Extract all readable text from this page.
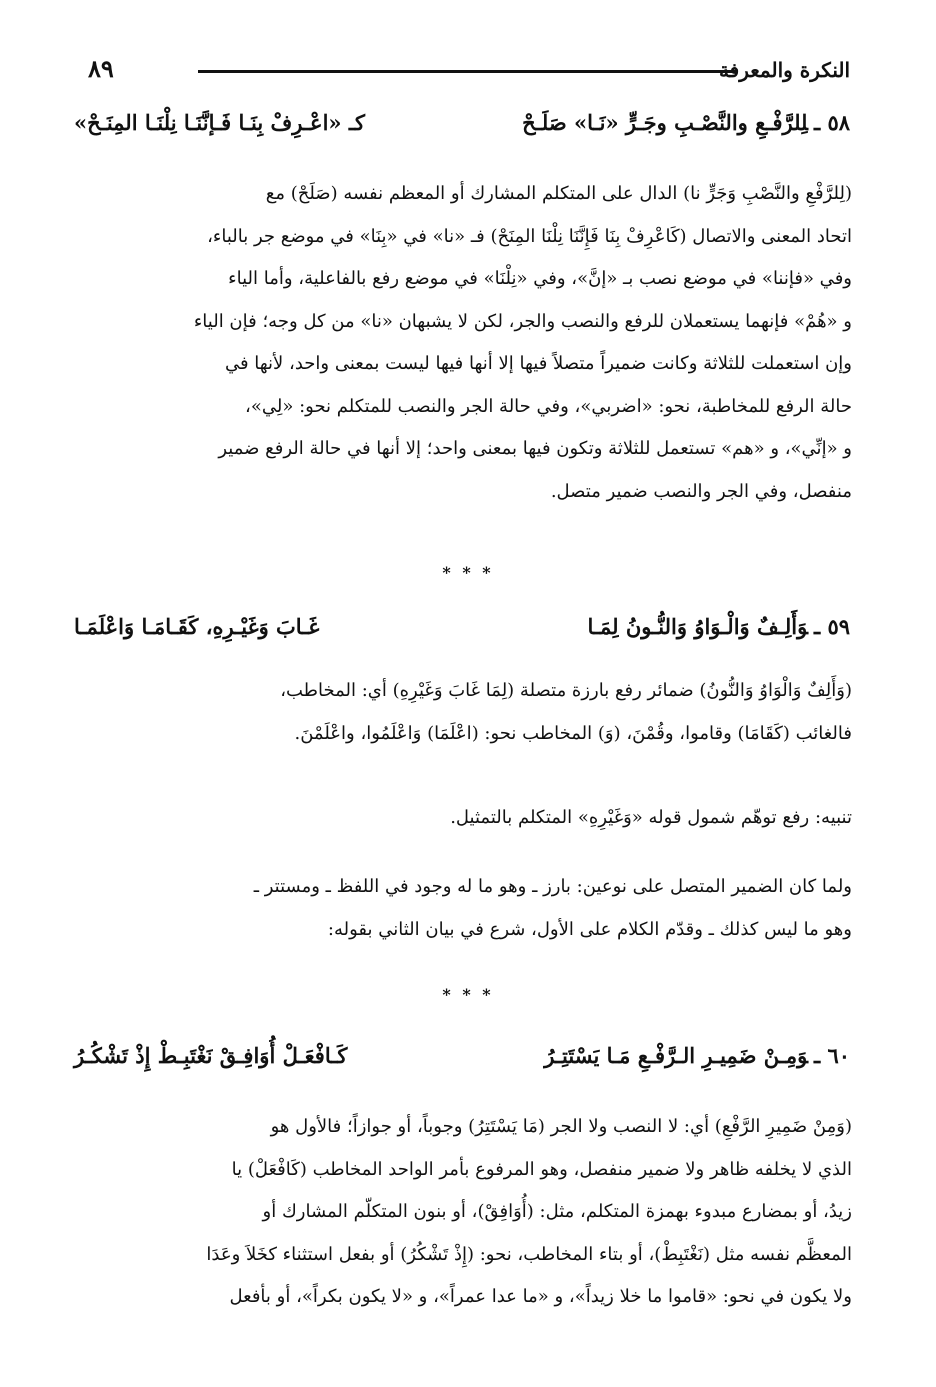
٨٩	النكرة والمعرفة
٥٨ ـلِلرَّفْـعِ والنَّصْـبِ وجَـرٍّ «نَـا» صَلَـحْ
كـ «اعْـرِفْ بِنَـا فَـإنَّنَـا نِلْنَـا المِنَـحْ»
(لِلرَّفْعِ والنَّصْبِ وَجَرٍّ نا) الدال على المتكلم المشارك أو المعظم نفسه (صَلَحْ) مع
اتحاد المعنى والاتصال (كَاعْرِفْ بِنَا فَإِنَّنَا نِلْنَا المِنَحْ) فـ «نا» في «بِنَا» في موضع جر بالباء،
وفي «فإننا» في موضع نصب بـ «إنَّ»، وفي «نِلْنَا» في موضع رفع بالفاعلية، وأما الياء
و «هُمْ» فإنهما يستعملان للرفع والنصب والجر، لكن لا يشبهان «نا» من كل وجه؛ فإن الياء
وإن استعملت للثلاثة وكانت ضميراً متصلاً فيها إلا أنها فيها ليست بمعنى واحد، لأنها في
حالة الرفع للمخاطبة، نحو: «اضربي»، وفي حالة الجر والنصب للمتكلم نحو: «لِي»،
و «إنِّي»، و «هم» تستعمل للثلاثة وتكون فيها بمعنى واحد؛ إلا أنها في حالة الرفع ضمير
منفصل، وفي الجر والنصب ضمير متصل.
* * *
٥٩ ـوَأَلِـفٌ وَالْـوَاوُ وَالنُّـونُ لِمَـا
غَـابَ وَغَيْـرِهِ، كَقَـامَـا وَاعْلَمَـا
(وَأَلِفٌ وَالْوَاوُ وَالنُّونُ) ضمائر رفع بارزة متصلة (لِمَا غَابَ وَغَيْرِهِ) أي: المخاطب،
فالغائب (كَقَامَا) وقاموا، وقُمْنَ، (وَ) المخاطب نحو: (اعْلَمَا) وَاعْلَمُوا، واعْلَمْنَ.
تنبيه: رفع توهّم شمول قوله «وَغَيْرِهِ» المتكلم بالتمثيل.
ولما كان الضمير المتصل على نوعين: بارز ـ وهو ما له وجود في اللفظ ـ ومستتر ـ
وهو ما ليس كذلك ـ وقدّم الكلام على الأول، شرع في بيان الثاني بقوله:
* * *
٦٠ ـوَمِـنْ ضَمِيـرِ الـرَّفْـعِ مَـا يَسْتَتِـرُ
كَـافْعَـلْ أُوَافِـقْ نَغْتَبِـطْ إِذْ تَشْكُـرُ
(وَمِنْ ضَمِيرِ الرَّفْعِ) أي: لا النصب ولا الجر (مَا يَسْتَتِرُ) وجوباً، أو جوازاً؛ فالأول هو
الذي لا يخلفه ظاهر ولا ضمير منفصل، وهو المرفوع بأمر الواحد المخاطب (كَافْعَلْ) يا
زيدُ، أو بمضارع مبدوء بهمزة المتكلم، مثل: (أُوَافِقْ)، أو بنون المتكلّم المشارك أو
المعظَّم نفسه مثل (نَغْتَبِطْ)، أو بتاء المخاطب، نحو: (إِذْ تَشْكُرُ) أو بفعل استثناء كخَلاَ وعَدَا
ولا يكون في نحو: «قاموا ما خلا زيداً»، و «ما عدا عمراً»، و «لا يكون بكراً»، أو بأفعل
